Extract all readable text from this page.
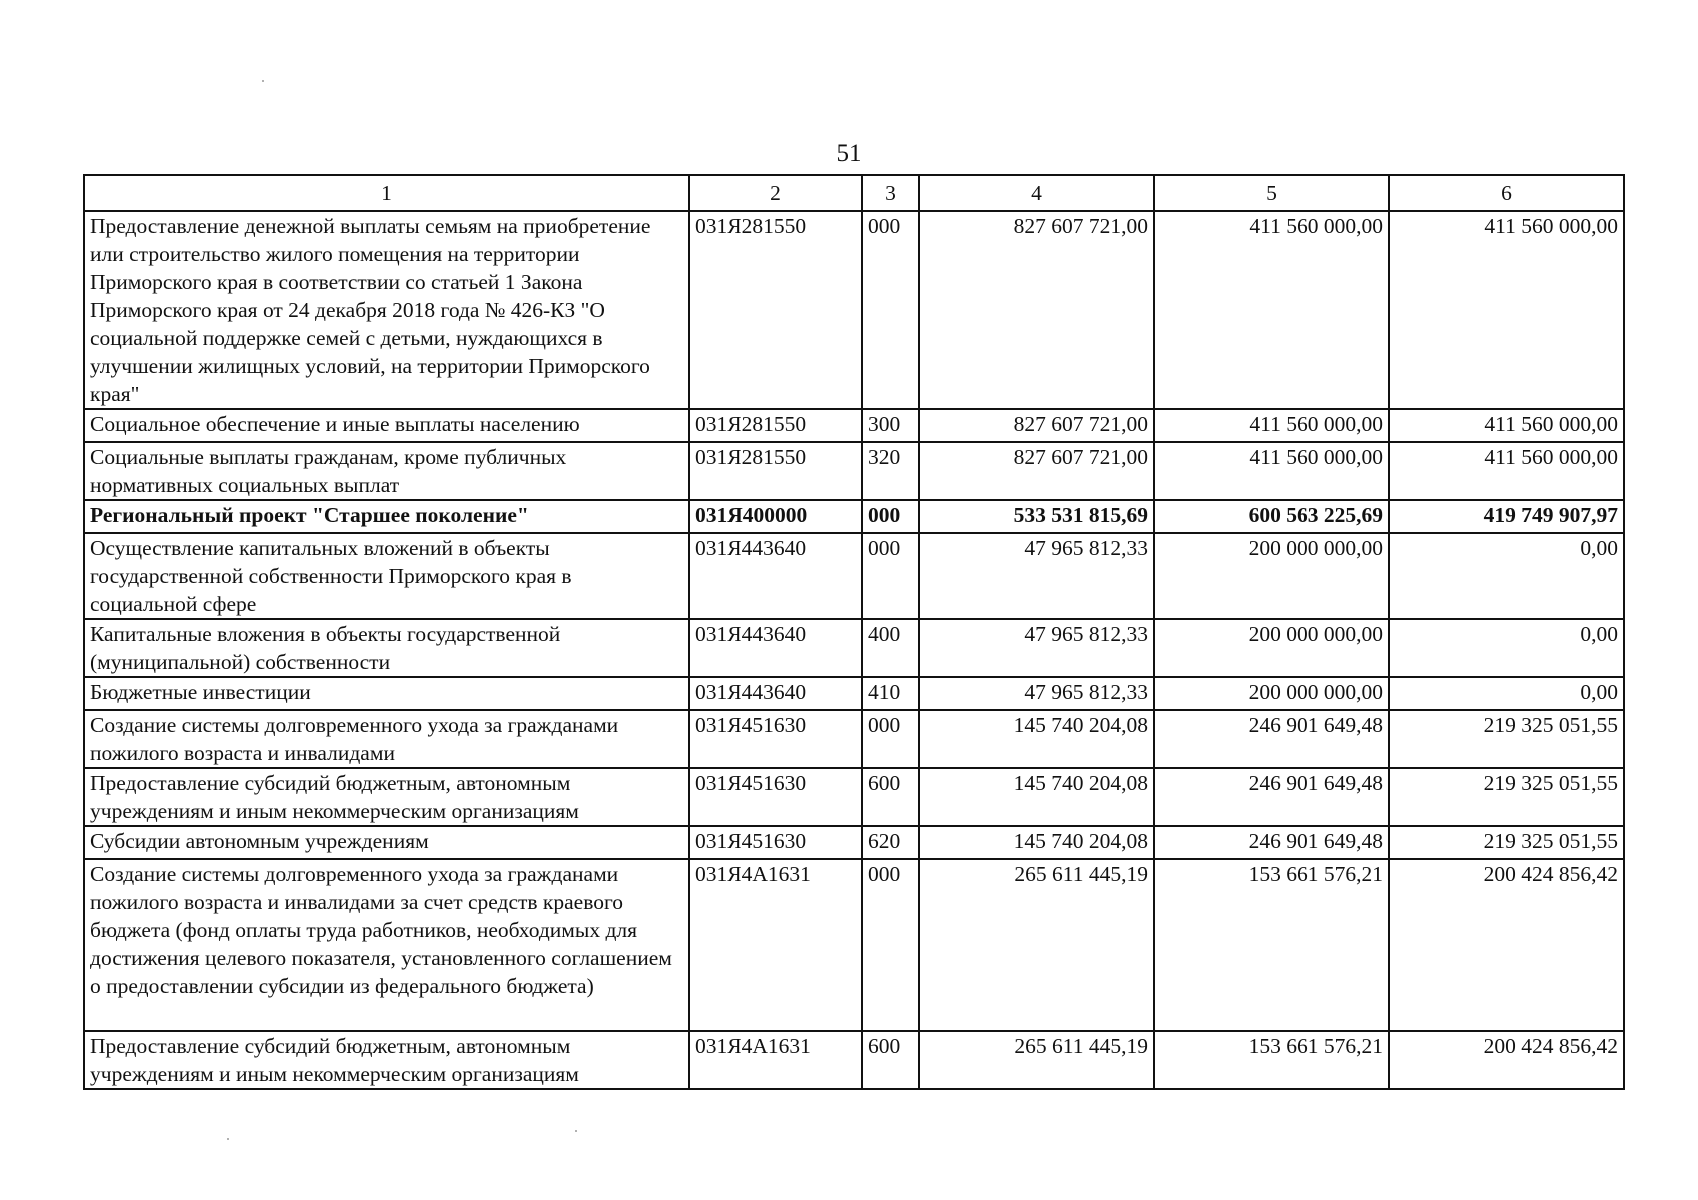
51
1	2	3	4	5	6
Предоставление денежной выплаты семьям на приобретение или строительство жилого помещения на территории Приморского края в соответствии со статьей 1 Закона Приморского края от 24 декабря 2018 года № 426-КЗ "О социальной поддержке семей с детьми, нуждающихся в улучшении жилищных условий, на территории Приморского края"	031Я281550	000	827 607 721,00	411 560 000,00	411 560 000,00
Социальное обеспечение и иные выплаты населению	031Я281550	300	827 607 721,00	411 560 000,00	411 560 000,00
Социальные выплаты гражданам, кроме публичных нормативных социальных выплат	031Я281550	320	827 607 721,00	411 560 000,00	411 560 000,00
Региональный проект "Старшее поколение"	031Я400000	000	533 531 815,69	600 563 225,69	419 749 907,97
Осуществление капитальных вложений в объекты государственной собственности Приморского края в социальной сфере	031Я443640	000	47 965 812,33	200 000 000,00	0,00
Капитальные вложения в объекты государственной (муниципальной) собственности	031Я443640	400	47 965 812,33	200 000 000,00	0,00
Бюджетные инвестиции	031Я443640	410	47 965 812,33	200 000 000,00	0,00
Создание системы долговременного ухода за гражданами пожилого возраста и инвалидами	031Я451630	000	145 740 204,08	246 901 649,48	219 325 051,55
Предоставление субсидий бюджетным, автономным учреждениям и иным некоммерческим организациям	031Я451630	600	145 740 204,08	246 901 649,48	219 325 051,55
Субсидии автономным учреждениям	031Я451630	620	145 740 204,08	246 901 649,48	219 325 051,55
Создание системы долговременного ухода за гражданами пожилого возраста и инвалидами за счет средств краевого бюджета (фонд оплаты труда работников, необходимых для достижения целевого показателя, установленного соглашением о предоставлении субсидии из федерального бюджета)	031Я4А1631	000	265 611 445,19	153 661 576,21	200 424 856,42
Предоставление субсидий бюджетным, автономным учреждениям и иным некоммерческим организациям	031Я4А1631	600	265 611 445,19	153 661 576,21	200 424 856,42
